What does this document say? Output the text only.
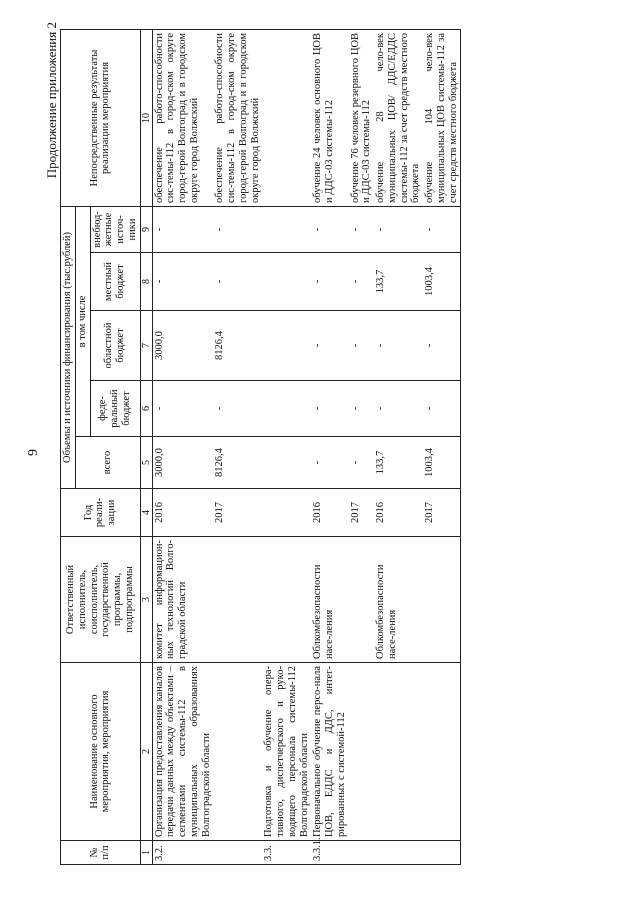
9
Продолжение приложения 2
№ п/п	Наименование основного мероприятия, мероприятия	Ответственный исполнитель, соисполнитель, государственной программы, подпрограммы	Год реали-зации	Объемы и источники финансирования (тыс.рублей)					Непосредственные результаты реализации мероприятия
				всего	в том числе				
					феде-ральный бюджет	областной бюджет	местный бюджет	внебюд-жетные источ-ники	
1	2	3	4	5	6	7	8	9	10
3.2.	Организация предоставления каналов передачи данных между объектами – сегментами системы-112 в муниципальных образованиях Волгоградской области	комитет информацион-ных технологий Волго-градской области	2016	3000,0	-	3000,0	-	-	обеспечение работо-способности сис-темы-112 в город-ском округе город-герой Волгоград и в городском округе город Волжский
			2017	8126,4	-	8126,4	-	-	обеспечение работо-способности сис-темы-112 в город-ском округе город-герой Волгоград и в городском округе город Волжский
3.3.	Подготовка и обучение опера-тивного, диспетчерского и руко-водящего персонала системы-112 Волгоградской области								
3.3.1.	Первоначальное обучение персо-нала ЦОВ, ЕДДС и ДДС, интег-рированных с системой-112	Облкомбезопасности насе-ления	2016	-	-	-	-	-	обучение 24 человек основного ЦОВ и ДДС-03 системы-112
			2017	-	-	-	-	-	обучение 76 человек резервного ЦОВ и ДДС-03 системы-112
		Облкомбезопасности насе-ления	2016	133,7	-	-	133,7	-	обучение 28 чело-век муниципальных ЦОВ/ ДДС/ЕДДС системы-112 за счет средств местного бюджета
			2017	1003,4	-	-	1003,4	-	обучение 104 чело-век муниципальных ЦОВ системы-112 за счет средств местного бюджета
